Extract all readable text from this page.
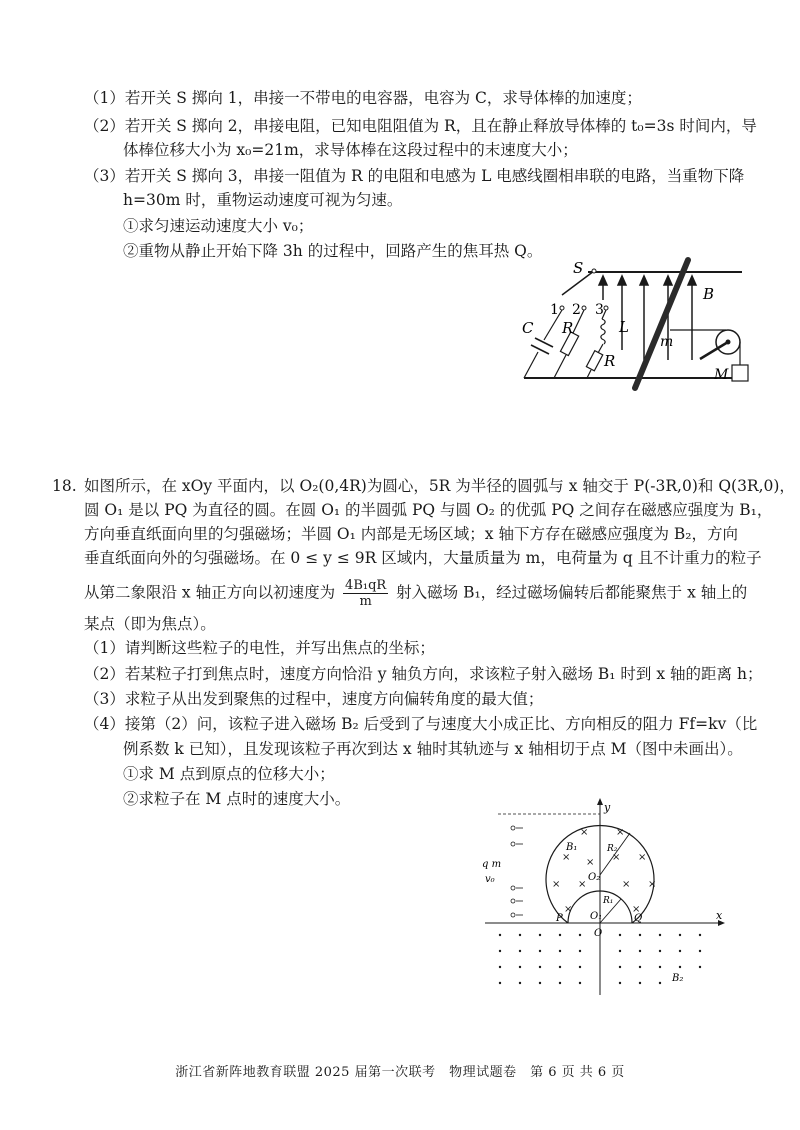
（1）若开关 S 掷向 1，串接一不带电的电容器，电容为 C，求导体棒的加速度；
（2）若开关 S 掷向 2，串接电阻，已知电阻阻值为 R，且在静止释放导体棒的 t₀=3s 时间内，导
体棒位移大小为 x₀=21m，求导体棒在这段过程中的末速度大小；
（3）若开关 S 掷向 3，串接一阻值为 R 的电阻和电感为 L 电感线圈相串联的电路，当重物下降
h=30m 时，重物运动速度可视为匀速。
①求匀速运动速度大小 v₀；
②重物从静止开始下降 3h 的过程中，回路产生的焦耳热 Q。
S
1 2 3
C R	L
R
m
B
M
18. 如图所示，在 xOy 平面内，以 O₂(0,4R)为圆心，5R 为半径的圆弧与 x 轴交于 P(-3R,0)和 Q(3R,0)，
圆 O₁ 是以 PQ 为直径的圆。在圆 O₁ 的半圆弧 PQ 与圆 O₂ 的优弧 PQ 之间存在磁感应强度为 B₁，
方向垂直纸面向里的匀强磁场；半圆 O₁ 内部是无场区域；x 轴下方存在磁感应强度为 B₂，方向
垂直纸面向外的匀强磁场。在 0 ≤ y ≤ 9R 区域内，大量质量为 m，电荷量为 q 且不计重力的粒子
从第二象限沿 x 轴正方向以初速度为 $\frac{\text{4B₁qR}}{m}$ 射入磁场 B₁，经过磁场偏转后都能聚焦于 x 轴上的
某点（即为焦点）。
（1）请判断这些粒子的电性，并写出焦点的坐标；
（2）若某粒子打到焦点时，速度方向恰沿 y 轴负方向，求该粒子射入磁场 B₁ 时到 x 轴的距离 h；
（3）求粒子从出发到聚焦的过程中，速度方向偏转角度的最大值；
（4）接第（2）问，该粒子进入磁场 B₂ 后受到了与速度大小成正比、方向相反的阻力 Ff=kv（比
例系数 k 已知），且发现该粒子再次到达 x 轴时其轨迹与 x 轴相切于点 M（图中未画出）。
①求 M 点到原点的位移大小；
②求粒子在 M 点时的速度大小。
×	×
× × × ×
× ×	× ×
×	×
y
x
O
O₁
O₂
P	Q
B₁
B₂
R₁
R₂
q m
v₀
浙江省新阵地教育联盟 2025 届第一次联考　物理试题卷　第 6 页 共 6 页
